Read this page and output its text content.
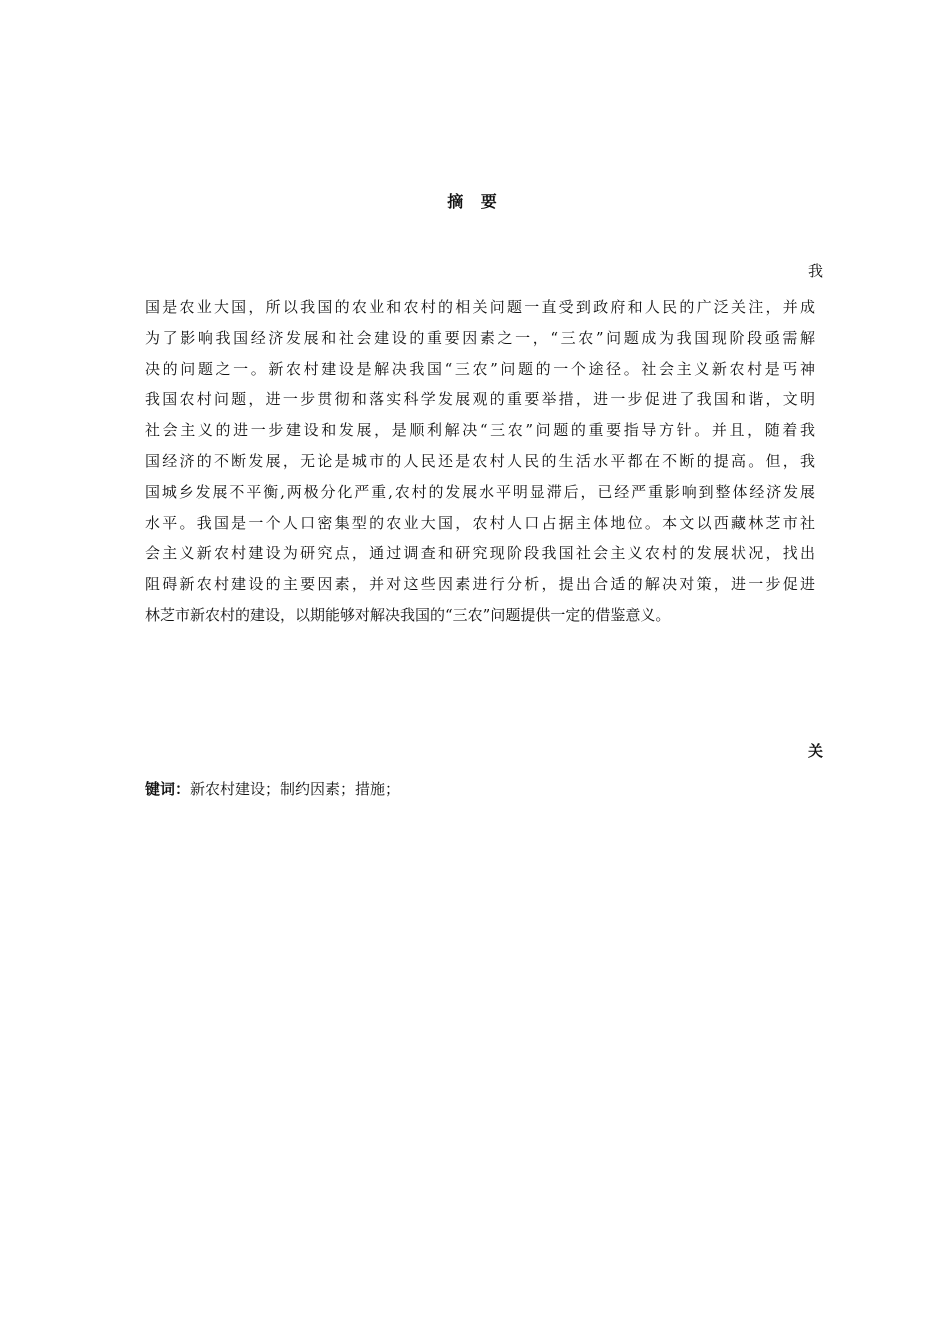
摘 要
我
国是农业大国，所以我国的农业和农村的相关问题一直受到政府和人民的广泛关注，并成
为了影响我国经济发展和社会建设的重要因素之一，“三农”问题成为我国现阶段亟需解
决的问题之一。新农村建设是解决我国“三农”问题的一个途径。社会主义新农村是丐神
我国农村问题，进一步贯彻和落实科学发展观的重要举措，进一步促进了我国和谐，文明
社会主义的进一步建设和发展，是顺利解决“三农”问题的重要指导方针。并且，随着我
国经济的不断发展，无论是城市的人民还是农村人民的生活水平都在不断的提高。但，我
国城乡发展不平衡,两极分化严重,农村的发展水平明显滞后，已经严重影响到整体经济发展
水平。我国是一个人口密集型的农业大国，农村人口占据主体地位。本文以西藏林芝市社
会主义新农村建设为研究点，通过调查和研究现阶段我国社会主义农村的发展状况，找出
阻碍新农村建设的主要因素，并对这些因素进行分析，提出合适的解决对策，进一步促进
林芝市新农村的建设，以期能够对解决我国的“三农”问题提供一定的借鉴意义。
关
键词：新农村建设；制约因素；措施；
